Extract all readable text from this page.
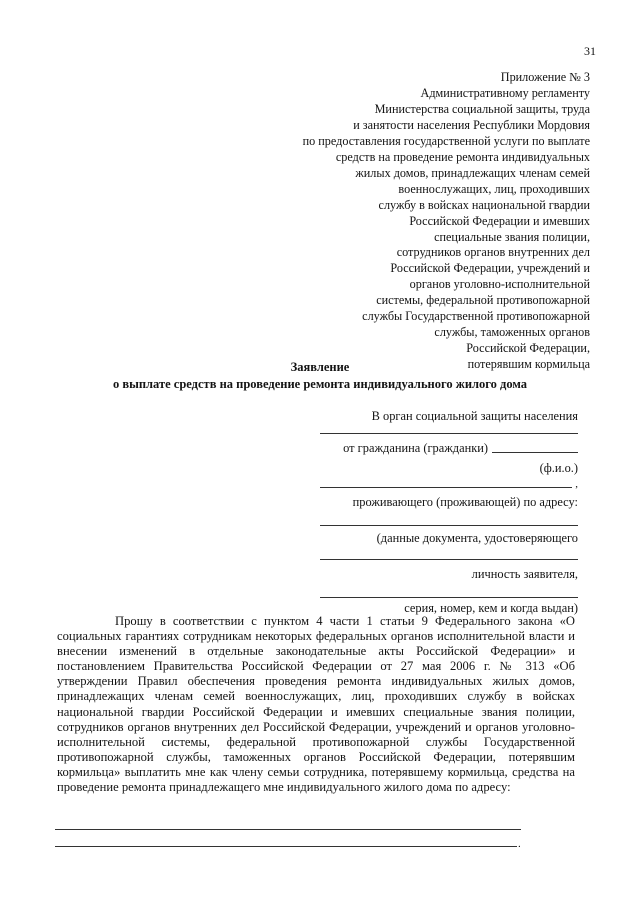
31
Приложение № 3
Административному регламенту
Министерства социальной защиты, труда
и занятости населения Республики Мордовия
по предоставления государственной услуги по выплате
средств на проведение ремонта индивидуальных
жилых домов, принадлежащих членам семей
военнослужащих, лиц, проходивших
службу в войсках национальной гвардии
Российской Федерации и имевших
специальные звания полиции,
сотрудников органов внутренних дел
Российской Федерации, учреждений и
органов уголовно-исполнительной
системы, федеральной противопожарной
службы Государственной противопожарной
службы, таможенных органов
Российской Федерации,
потерявшим кормильца
Заявление
о выплате средств на проведение ремонта индивидуального жилого дома
В орган социальной защиты населения
от гражданина (гражданки)
(ф.и.о.)
,
проживающего (проживающей) по адресу:
(данные документа, удостоверяющего
личность заявителя,
серия, номер, кем и когда выдан)

Прошу в соответствии с пунктом 4 части 1 статьи 9 Федерального закона «О социальных гарантиях сотрудникам некоторых федеральных органов исполнительной власти и внесении изменений в отдельные законодательные акты Российской Федерации» и постановлением Правительства Российской Федерации от 27 мая 2006 г. № 313 «Об утверждении Правил обеспечения проведения ремонта индивидуальных жилых домов, принадлежащих членам семей военнослужащих, лиц, проходивших службу в войсках национальной гвардии Российской Федерации и имевших специальные звания полиции, сотрудников органов внутренних дел Российской Федерации, учреждений и органов уголовно-исполнительной системы, федеральной противопожарной службы Государственной противопожарной службы, таможенных органов Российской Федерации, потерявшим кормильца» выплатить мне как члену семьи сотрудника, потерявшему кормильца, средства на проведение ремонта принадлежащего мне индивидуального жилого дома по адресу:

.
